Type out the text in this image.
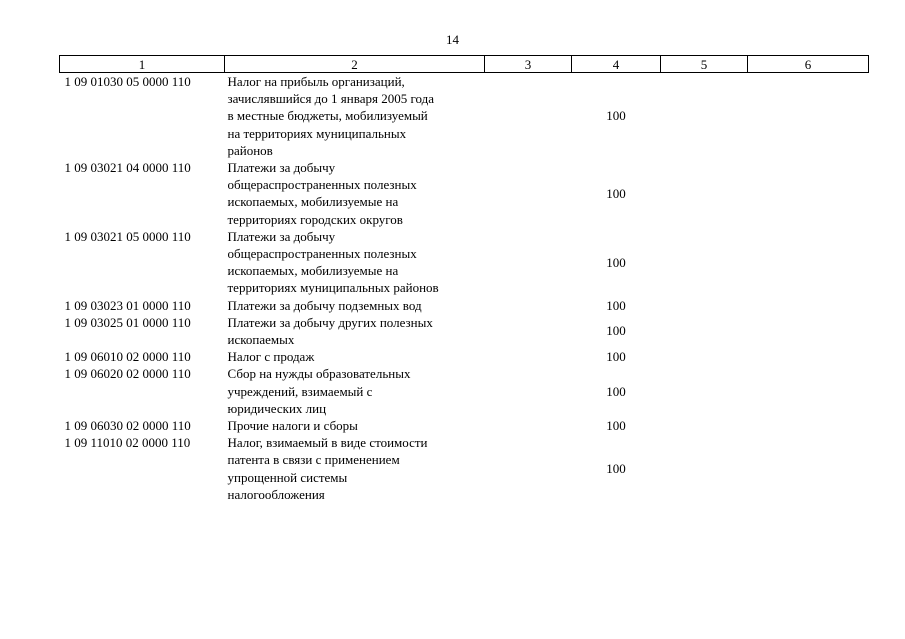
14
1	2	3	4	5	6
1 09 01030 05 0000 110	Налог на прибыль организаций,
зачислявшийся до 1 января 2005 года
в местные бюджеты, мобилизуемый
на территориях муниципальных
районов		100		
1 09 03021 04 0000 110	Платежи за добычу
общераспространенных полезных
ископаемых, мобилизуемые на
территориях городских округов		100		
1 09 03021 05 0000 110	Платежи за добычу
общераспространенных полезных
ископаемых, мобилизуемые на
территориях муниципальных районов		100		
1 09 03023 01 0000 110	Платежи за добычу подземных вод		100		
1 09 03025 01 0000 110	Платежи за добычу других полезных
ископаемых		100		
1 09 06010 02 0000 110	Налог с продаж		100		
1 09 06020 02 0000 110	Сбор на нужды образовательных
учреждений, взимаемый с
юридических лиц		100		
1 09 06030 02 0000 110	Прочие налоги и сборы		100		
1 09 11010 02 0000 110	Налог, взимаемый в виде стоимости
патента в связи с применением
упрощенной системы
налогообложения		100		
